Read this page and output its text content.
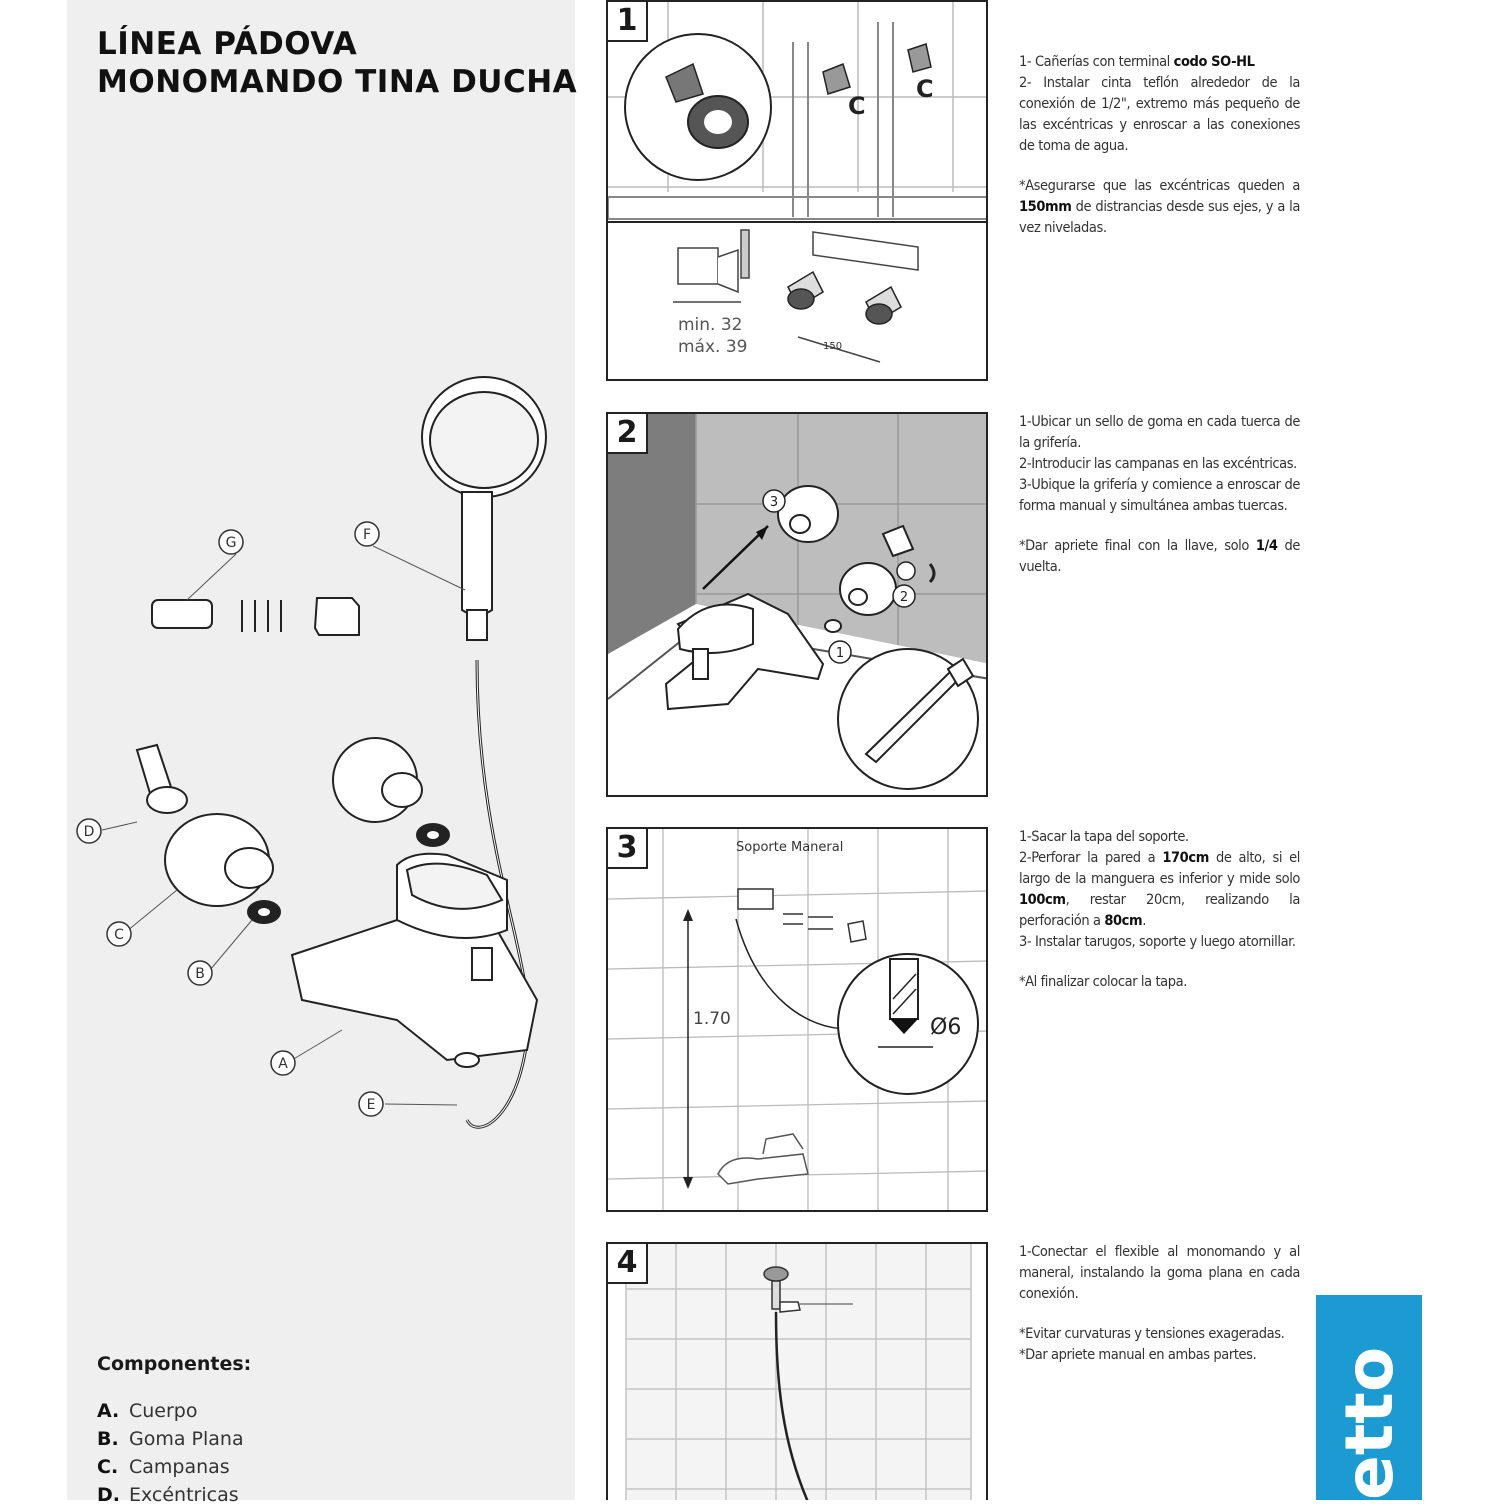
LÍNEA PÁDOVA
MONOMANDO TINA DUCHA
G	F
D
C
B
A
E
Componentes:
A. Cuerpo
B. Goma Plana
C. Campanas
D. Excéntricas
C
C
150
min. 32
máx. 39
1

1- Cañerías con terminal codo SO-HL

2- Instalar cinta teflón alrededor de la conexión de 1/2", extremo más pequeño de las excéntricas y enroscar a las conexiones de toma de agua.

*Asegurarse que las excéntricas queden a 150mm de distrancias desde sus ejes, y a la vez niveladas.

3
2
1
2	1-Ubicar un sello de goma en cada tuerca de la grifería.

2-Introducir las campanas en las excéntricas.

3-Ubique la grifería y comience a enroscar de forma manual y simultánea ambas tuercas.

*Dar apriete final con la llave, solo 1/4 de vuelta.

Soporte Maneral
1.70	Ø6
3	1-Sacar la tapa del soporte.

2-Perforar la pared a 170cm de alto, si el largo de la manguera es inferior y mide solo 100cm, restar 20cm, realizando la perforación a 80cm.

3- Instalar tarugos, soporte y luego atornillar.

*Al finalizar colocar la tapa.

4	1-Conectar el flexible al monomando y al maneral, instalando la goma plana en cada conexión.

*Evitar curvaturas y tensiones exageradas.

*Dar apriete manual en ambas partes.	etto
